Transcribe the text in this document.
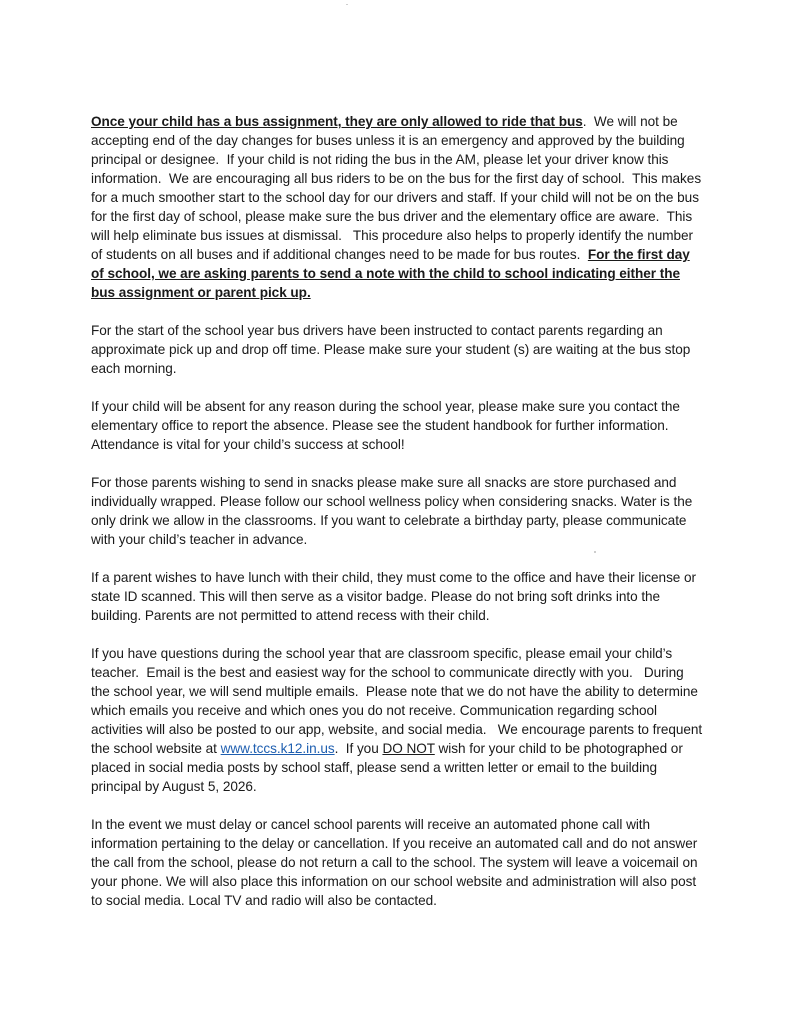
Once your child has a bus assignment, they are only allowed to ride that bus.  We will not be accepting end of the day changes for buses unless it is an emergency and approved by the building principal or designee.  If your child is not riding the bus in the AM, please let your driver know this information.  We are encouraging all bus riders to be on the bus for the first day of school.  This makes for a much smoother start to the school day for our drivers and staff. If your child will not be on the bus for the first day of school, please make sure the bus driver and the elementary office are aware.  This will help eliminate bus issues at dismissal.   This procedure also helps to properly identify the number of students on all buses and if additional changes need to be made for bus routes.  For the first day of school, we are asking parents to send a note with the child to school indicating either the bus assignment or parent pick up.

For the start of the school year bus drivers have been instructed to contact parents regarding an approximate pick up and drop off time. Please make sure your student (s) are waiting at the bus stop each morning.

If your child will be absent for any reason during the school year, please make sure you contact the elementary office to report the absence. Please see the student handbook for further information. Attendance is vital for your child’s success at school!

For those parents wishing to send in snacks please make sure all snacks are store purchased and individually wrapped. Please follow our school wellness policy when considering snacks. Water is the only drink we allow in the classrooms. If you want to celebrate a birthday party, please communicate with your child’s teacher in advance.

If a parent wishes to have lunch with their child, they must come to the office and have their license or state ID scanned. This will then serve as a visitor badge. Please do not bring soft drinks into the building. Parents are not permitted to attend recess with their child.

If you have questions during the school year that are classroom specific, please email your child’s teacher.  Email is the best and easiest way for the school to communicate directly with you.   During the school year, we will send multiple emails.  Please note that we do not have the ability to determine which emails you receive and which ones you do not receive. Communication regarding school activities will also be posted to our app, website, and social media.   We encourage parents to frequent the school website at www.tccs.k12.in.us.  If you DO NOT wish for your child to be photographed or placed in social media posts by school staff, please send a written letter or email to the building principal by August 5, 2026.

In the event we must delay or cancel school parents will receive an automated phone call with information pertaining to the delay or cancellation. If you receive an automated call and do not answer the call from the school, please do not return a call to the school. The system will leave a voicemail on your phone. We will also place this information on our school website and administration will also post to social media. Local TV and radio will also be contacted.
